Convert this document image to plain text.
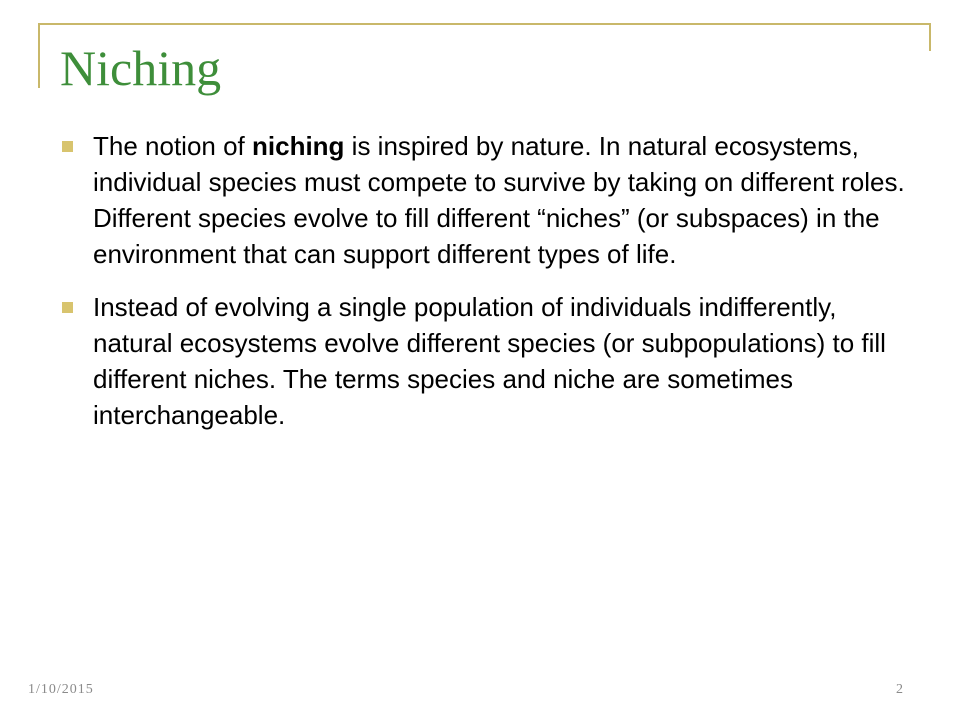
Niching
The notion of niching is inspired by nature. In natural ecosystems, individual species must compete to survive by taking on different roles. Different species evolve to fill different “niches” (or subspaces) in the environment that can support different types of life.
Instead of evolving a single population of individuals indifferently, natural ecosystems evolve different species (or subpopulations) to fill different niches. The terms species and niche are sometimes interchangeable.
1/10/2015	2
